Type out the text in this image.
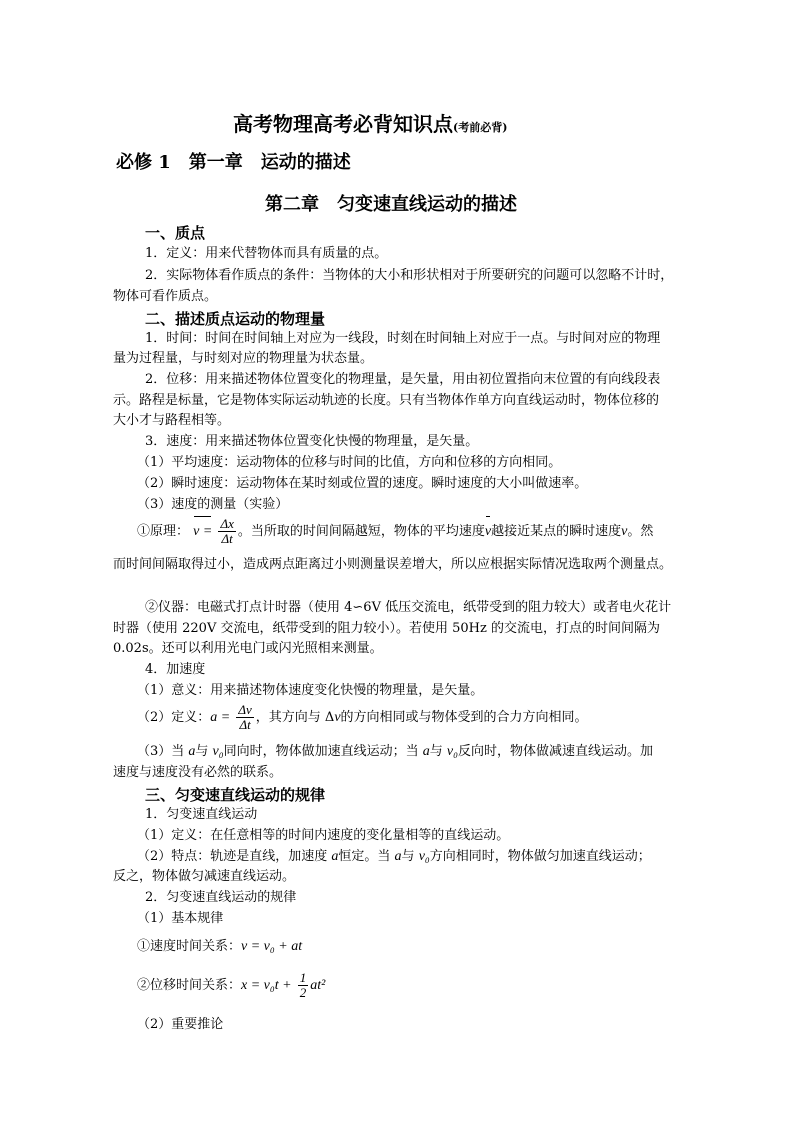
高考物理高考必背知识点(考前必背)
必修 1　第一章　运动的描述
第二章　匀变速直线运动的描述
一、质点
1．定义：用来代替物体而具有质量的点。
2．实际物体看作质点的条件：当物体的大小和形状相对于所要研究的问题可以忽略不计时，
物体可看作质点。
二、描述质点运动的物理量
1．时间：时间在时间轴上对应为一线段，时刻在时间轴上对应于一点。与时间对应的物理
量为过程量，与时刻对应的物理量为状态量。
2．位移：用来描述物体位置变化的物理量，是矢量，用由初位置指向末位置的有向线段表
示。路程是标量，它是物体实际运动轨迹的长度。只有当物体作单方向直线运动时，物体位移的
大小才与路程相等。
3．速度：用来描述物体位置变化快慢的物理量，是矢量。
（1）平均速度：运动物体的位移与时间的比值，方向和位移的方向相同。
（2）瞬时速度：运动物体在某时刻或位置的速度。瞬时速度的大小叫做速率。
（3）速度的测量（实验）
①原理： $v = \frac{\Delta x}{\Delta t}$ 。当所取的时间间隔越短，物体的平均速度v越接近某点的瞬时速度v。然
而时间间隔取得过小，造成两点距离过小则测量误差增大，所以应根据实际情况选取两个测量点。
②仪器：电磁式打点计时器（使用 4∽6V 低压交流电，纸带受到的阻力较大）或者电火花计
时器（使用 220V 交流电，纸带受到的阻力较小）。若使用 50Hz 的交流电，打点的时间间隔为
0.02s。还可以利用光电门或闪光照相来测量。
4．加速度
（1）意义：用来描述物体速度变化快慢的物理量，是矢量。
（2）定义：$a = \frac{\Delta v}{\Delta t}$ ，其方向与 Δv的方向相同或与物体受到的合力方向相同。
（3）当 a与 v₀同向时，物体做加速直线运动；当 a与 v₀反向时，物体做减速直线运动。加
速度与速度没有必然的联系。
三、匀变速直线运动的规律
1．匀变速直线运动
（1）定义：在任意相等的时间内速度的变化量相等的直线运动。
（2）特点：轨迹是直线，加速度 a恒定。当 a与 v₀方向相同时，物体做匀加速直线运动；
反之，物体做匀减速直线运动。
2．匀变速直线运动的规律
（1）基本规律
①速度时间关系：v = v₀ + at
②位移时间关系：$x = v_0t + \frac{1}{2} at^2$
（2）重要推论
